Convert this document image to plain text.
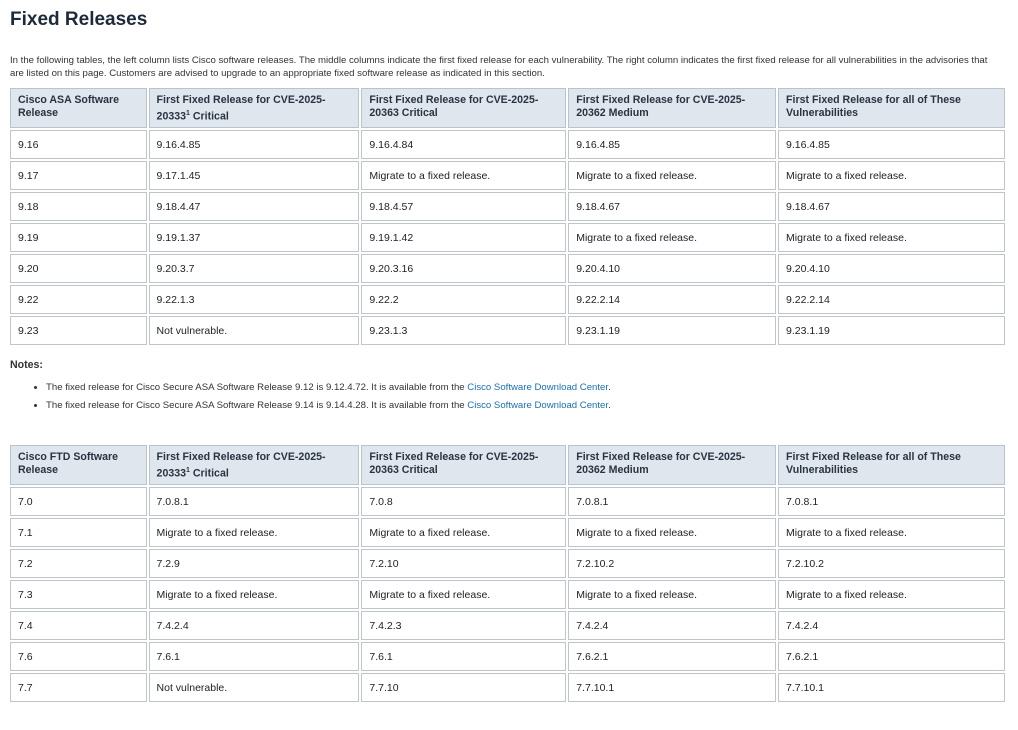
Fixed Releases

In the following tables, the left column lists Cisco software releases. The middle columns indicate the first fixed release for each vulnerability. The right column indicates the first fixed release for all vulnerabilities in the advisories that are listed on this page. Customers are advised to upgrade to an appropriate fixed software release as indicated in this section.

Cisco ASA Software Release	First Fixed Release for CVE-2025-20333$^1$ Critical	First Fixed Release for CVE-2025-20363 Critical	First Fixed Release for CVE-2025-20362 Medium	First Fixed Release for all of These Vulnerabilities
9.16	9.16.4.85	9.16.4.84	9.16.4.85	9.16.4.85
9.17	9.17.1.45	Migrate to a fixed release.	Migrate to a fixed release.	Migrate to a fixed release.
9.18	9.18.4.47	9.18.4.57	9.18.4.67	9.18.4.67
9.19	9.19.1.37	9.19.1.42	Migrate to a fixed release.	Migrate to a fixed release.
9.20	9.20.3.7	9.20.3.16	9.20.4.10	9.20.4.10
9.22	9.22.1.3	9.22.2	9.22.2.14	9.22.2.14
9.23	Not vulnerable.	9.23.1.3	9.23.1.19	9.23.1.19
Notes:
• The fixed release for Cisco Secure ASA Software Release 9.12 is 9.12.4.72. It is available from the Cisco Software Download Center.
• The fixed release for Cisco Secure ASA Software Release 9.14 is 9.14.4.28. It is available from the Cisco Software Download Center.
Cisco FTD Software Release	First Fixed Release for CVE-2025-20333$^1$ Critical	First Fixed Release for CVE-2025-20363 Critical	First Fixed Release for CVE-2025-20362 Medium	First Fixed Release for all of These Vulnerabilities
7.0	7.0.8.1	7.0.8	7.0.8.1	7.0.8.1
7.1	Migrate to a fixed release.	Migrate to a fixed release.	Migrate to a fixed release.	Migrate to a fixed release.
7.2	7.2.9	7.2.10	7.2.10.2	7.2.10.2
7.3	Migrate to a fixed release.	Migrate to a fixed release.	Migrate to a fixed release.	Migrate to a fixed release.
7.4	7.4.2.4	7.4.2.3	7.4.2.4	7.4.2.4
7.6	7.6.1	7.6.1	7.6.2.1	7.6.2.1
7.7	Not vulnerable.	7.7.10	7.7.10.1	7.7.10.1
